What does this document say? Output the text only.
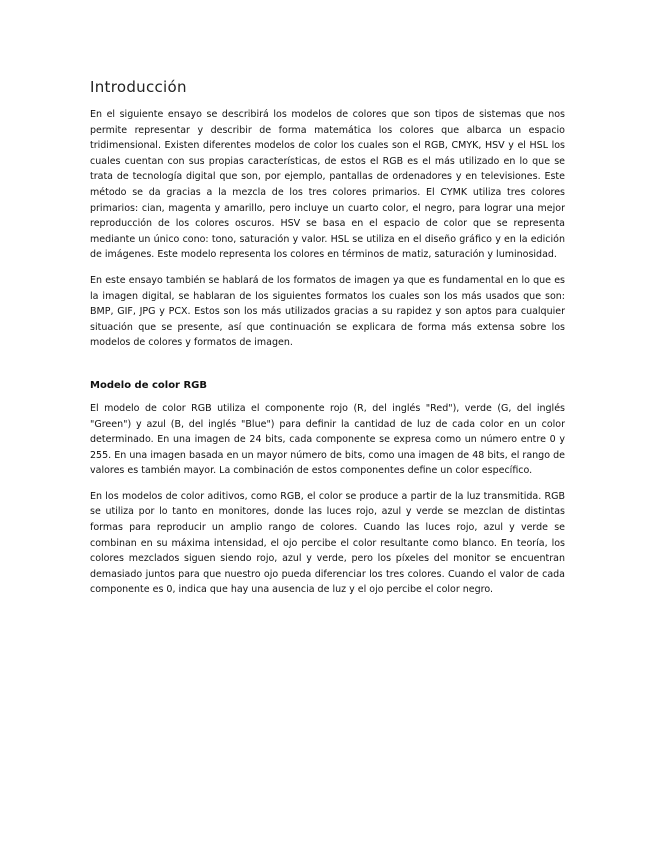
Introducción

En el siguiente ensayo se describirá los modelos de colores que son tipos de sistemas que nos permite representar y describir de forma matemática los colores que albarca un espacio tridimensional. Existen diferentes modelos de color los cuales son el RGB, CMYK, HSV y el HSL los cuales cuentan con sus propias características, de estos el RGB es el más utilizado en lo que se trata de tecnología digital que son, por ejemplo, pantallas de ordenadores y en televisiones. Este método se da gracias a la mezcla de los tres colores primarios. El CYMK utiliza tres colores primarios: cian, magenta y amarillo, pero incluye un cuarto color, el negro, para lograr una mejor reproducción de los colores oscuros. HSV se basa en el espacio de color que se representa mediante un único cono: tono, saturación y valor. HSL se utiliza en el diseño gráfico y en la edición de imágenes. Este modelo representa los colores en términos de matiz, saturación y luminosidad.

En este ensayo también se hablará de los formatos de imagen ya que es fundamental en lo que es la imagen digital, se hablaran de los siguientes formatos los cuales son los más usados que son: BMP, GIF, JPG y PCX. Estos son los más utilizados gracias a su rapidez y son aptos para cualquier situación que se presente, así que continuación se explicara de forma más extensa sobre los modelos de colores y formatos de imagen.

Modelo de color RGB

El modelo de color RGB utiliza el componente rojo (R, del inglés "Red"), verde (G, del inglés "Green") y azul (B, del inglés "Blue") para definir la cantidad de luz de cada color en un color determinado. En una imagen de 24 bits, cada componente se expresa como un número entre 0 y 255. En una imagen basada en un mayor número de bits, como una imagen de 48 bits, el rango de valores es también mayor. La combinación de estos componentes define un color específico.

En los modelos de color aditivos, como RGB, el color se produce a partir de la luz transmitida. RGB se utiliza por lo tanto en monitores, donde las luces rojo, azul y verde se mezclan de distintas formas para reproducir un amplio rango de colores. Cuando las luces rojo, azul y verde se combinan en su máxima intensidad, el ojo percibe el color resultante como blanco. En teoría, los colores mezclados siguen siendo rojo, azul y verde, pero los píxeles del monitor se encuentran demasiado juntos para que nuestro ojo pueda diferenciar los tres colores. Cuando el valor de cada componente es 0, indica que hay una ausencia de luz y el ojo percibe el color negro.
